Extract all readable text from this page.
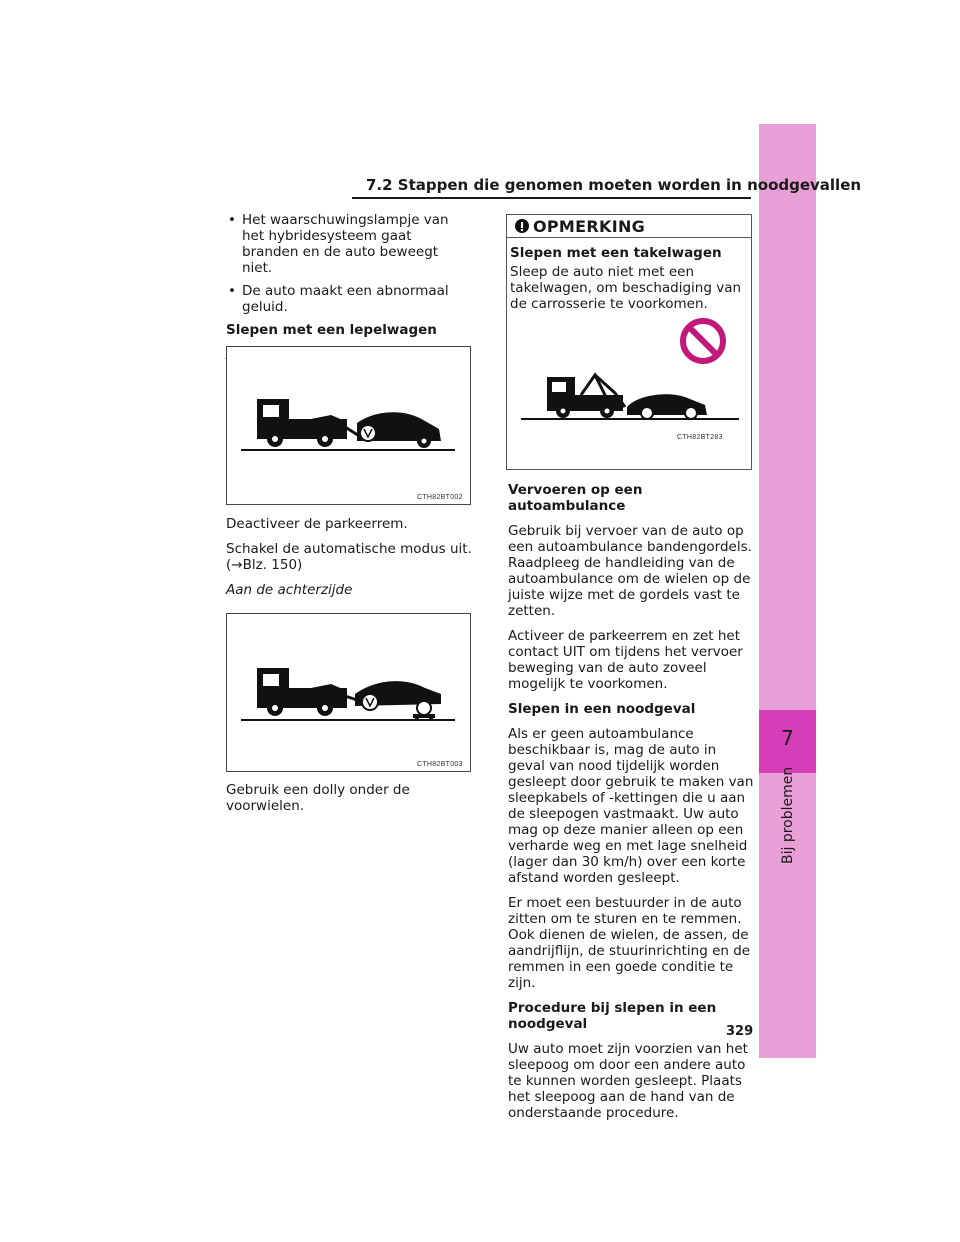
7
Bij problemen
7.2 Stappen die genomen moeten worden in noodgevallen
• Het waarschuwingslampje van het hybridesysteem gaat branden en de auto beweegt niet.
• De auto maakt een abnormaal geluid.

Slepen met een lepelwagen

CTH82BT002

Deactiveer de parkeerrem.

Schakel de automatische modus uit. (→Blz. 150)

Aan de achterzijde

CTH82BT003

Gebruik een dolly onder de voorwielen.

OPMERKING

Slepen met een takelwagen

Sleep de auto niet met een takelwagen, om beschadiging van de carrosserie te voorkomen.

CTH82BT283

Vervoeren op een autoambulance

Gebruik bij vervoer van de auto op een autoambulance bandengordels. Raadpleeg de handleiding van de autoambulance om de wielen op de juiste wijze met de gordels vast te zetten.

Activeer de parkeerrem en zet het contact UIT om tijdens het vervoer beweging van de auto zoveel mogelijk te voorkomen.

Slepen in een noodgeval

Als er geen autoambulance beschikbaar is, mag de auto in geval van nood tijdelijk worden gesleept door gebruik te maken van sleepkabels of -kettingen die u aan de sleepogen vastmaakt. Uw auto mag op deze manier alleen op een verharde weg en met lage snelheid (lager dan 30 km/h) over een korte afstand worden gesleept.

Er moet een bestuurder in de auto zitten om te sturen en te remmen. Ook dienen de wielen, de assen, de aandrijflijn, de stuurinrichting en de remmen in een goede conditie te zijn.

Procedure bij slepen in een noodgeval

Uw auto moet zijn voorzien van het sleepoog om door een andere auto te kunnen worden gesleept. Plaats het sleepoog aan de hand van de onderstaande procedure.

329
